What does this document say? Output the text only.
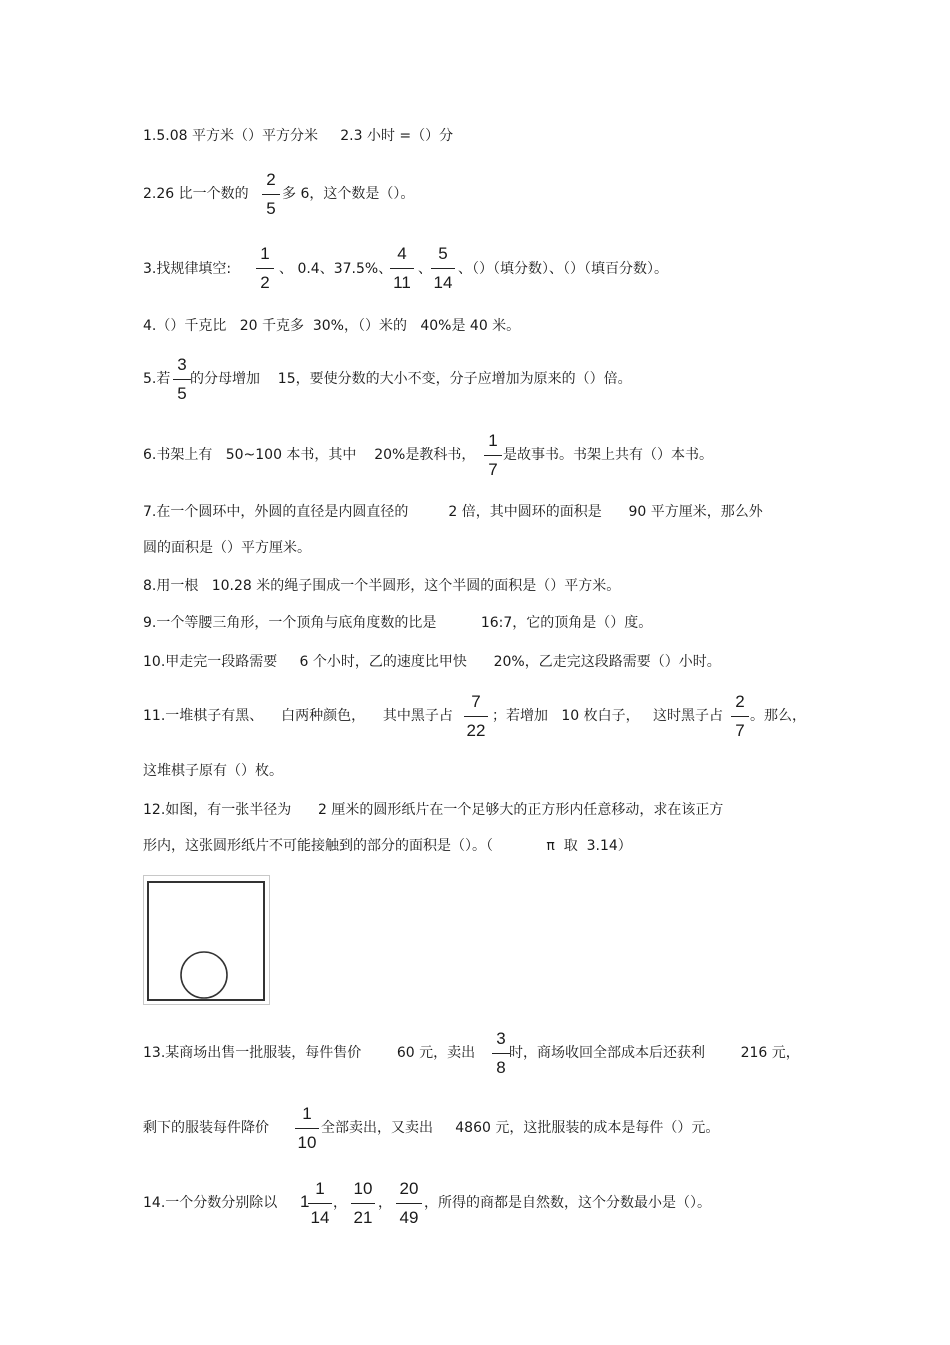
1.5.08 平方米（）平方分米     2.3 小时 =（）分
2.26 比一个数的
2
5
多 6，这个数是（）。
3.找规律填空:
1
2
、 0.4、37.5%、
4
11
、
5
14
、（）（填分数）、（）（填百分数）。
4.（）千克比   20 千克多  30%，（）米的   40%是 40 米。
5.若
3
5
的分母增加    15，要使分数的大小不变，分子应增加为原来的（）倍。
6.书架上有   50~100 本书，其中    20%是教科书，
1
7
是故事书。书架上共有（）本书。
7.在一个圆环中，外圆的直径是内圆直径的         2 倍，其中圆环的面积是      90 平方厘米，那么外
圆的面积是（）平方厘米。
8.用一根   10.28 米的绳子围成一个半圆形，这个半圆的面积是（）平方米。
9.一个等腰三角形，一个顶角与底角度数的比是          16:7，它的顶角是（）度。
10.甲走完一段路需要     6 个小时，乙的速度比甲快      20%，乙走完这段路需要（）小时。
11.一堆棋子有黑、    白两种颜色，    其中黑子占
7
22
；若增加   10 枚白子，   这时黑子占
2
7
。那么，
这堆棋子原有（）枚。
12.如图，有一张半径为      2 厘米的圆形纸片在一个足够大的正方形内任意移动，求在该正方
形内，这张圆形纸片不可能接触到的部分的面积是（）。（            π  取  3.14）
13.某商场出售一批服装，每件售价        60 元，卖出
3
8
时，商场收回全部成本后还获利        216 元，
剩下的服装每件降价
1
10
全部卖出，又卖出     4860 元，这批服装的成本是每件（）元。
14.一个分数分别除以 1
1
14
，
10
21
，
20
49
，所得的商都是自然数，这个分数最小是（）。
